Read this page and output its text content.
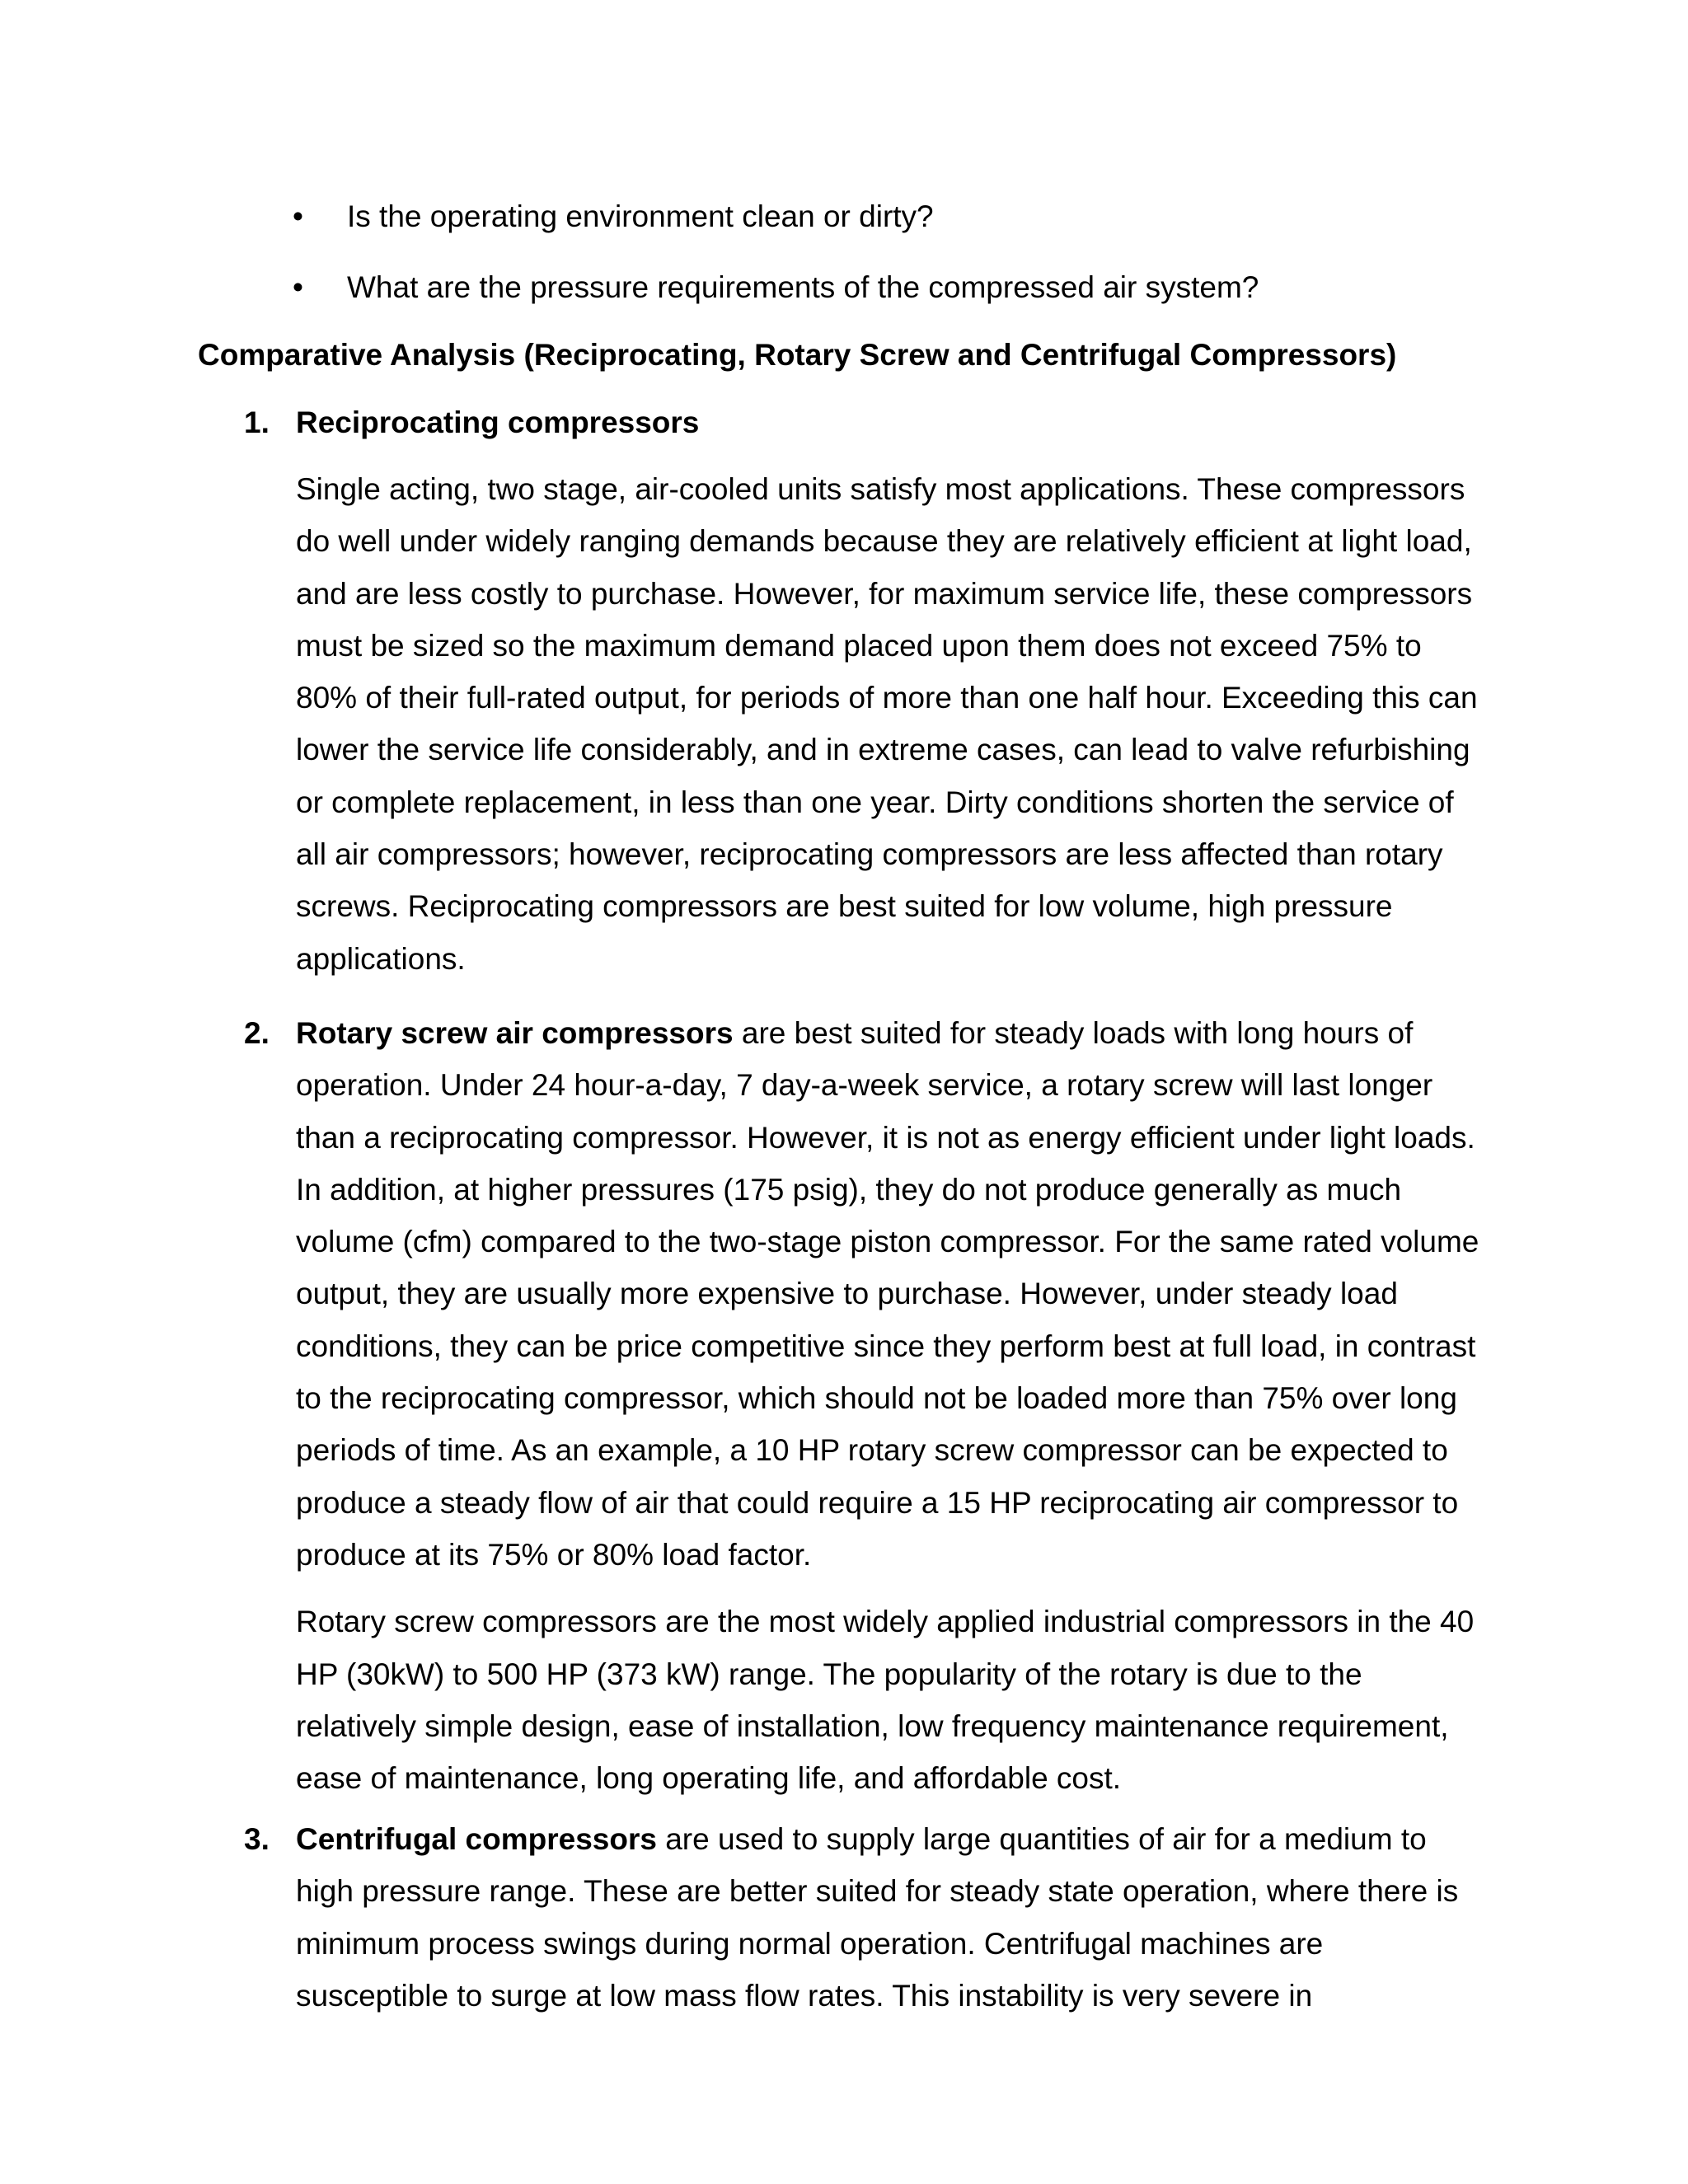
• Is the operating environment clean or dirty?
• What are the pressure requirements of the compressed air system?
Comparative Analysis (Reciprocating, Rotary Screw and Centrifugal Compressors)
1. Reciprocating compressors

Single acting, two stage, air-cooled units satisfy most applications. These compressors do well under widely ranging demands because they are relatively efficient at light load, and are less costly to purchase. However, for maximum service life, these compressors must be sized so the maximum demand placed upon them does not exceed 75% to 80% of their full-rated output, for periods of more than one half hour. Exceeding this can lower the service life considerably, and in extreme cases, can lead to valve refurbishing or complete replacement, in less than one year. Dirty conditions shorten the service of all air compressors; however, reciprocating compressors are less affected than rotary screws. Reciprocating compressors are best suited for low volume, high pressure applications.

2. Rotary screw air compressors are best suited for steady loads with long hours of operation. Under 24 hour-a-day, 7 day-a-week service, a rotary screw will last longer than a reciprocating compressor. However, it is not as energy efficient under light loads. In addition, at higher pressures (175 psig), they do not produce generally as much volume (cfm) compared to the two-stage piston compressor. For the same rated volume output, they are usually more expensive to purchase. However, under steady load conditions, they can be price competitive since they perform best at full load, in contrast to the reciprocating compressor, which should not be loaded more than 75% over long periods of time. As an example, a 10 HP rotary screw compressor can be expected to produce a steady flow of air that could require a 15 HP reciprocating air compressor to produce at its 75% or 80% load factor.

Rotary screw compressors are the most widely applied industrial compressors in the 40 HP (30kW) to 500 HP (373 kW) range. The popularity of the rotary is due to the relatively simple design, ease of installation, low frequency maintenance requirement, ease of maintenance, long operating life, and affordable cost.

3. Centrifugal compressors are used to supply large quantities of air for a medium to high pressure range. These are better suited for steady state operation, where there is minimum process swings during normal operation. Centrifugal machines are susceptible to surge at low mass flow rates. This instability is very severe in
